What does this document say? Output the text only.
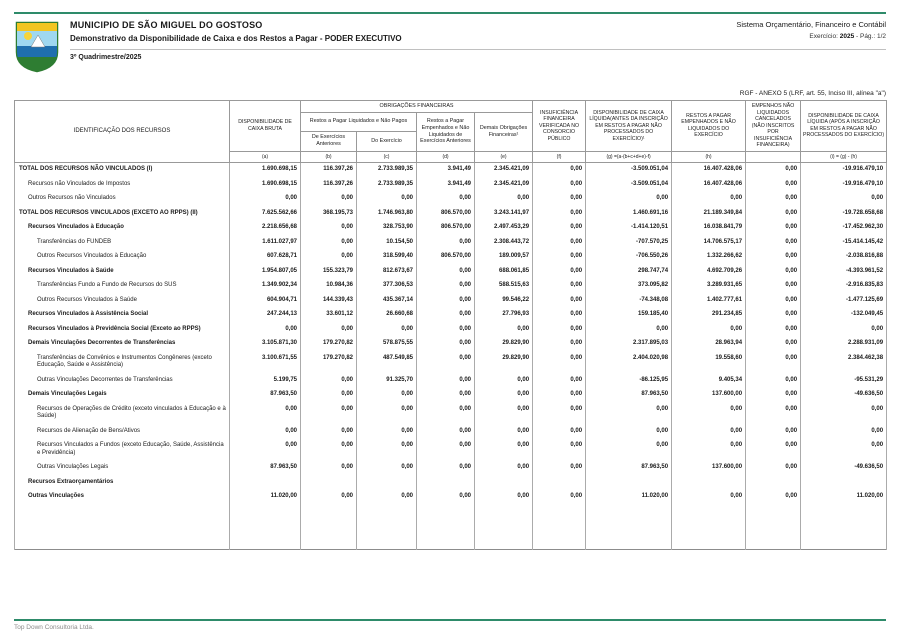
MUNICIPIO DE SÃO MIGUEL DO GOSTOSO
Demonstrativo da Disponibilidade de Caixa e dos Restos a Pagar - PODER EXECUTIVO
Sistema Orçamentário, Financeiro e Contábil
Exercício: 2025 - Pág.: 1/2
3º Quadrimestre/2025
RGF - ANEXO 5 (LRF, art. 55, Inciso III, alínea "a")
IDENTIFICAÇÃO DOS RECURSOS	DISPONIBILIDADE DE CAIXA BRUTA	OBRIGAÇÕES FINANCEIRAS				INSUFICIÊNCIA FINANCEIRA VERIFICADA NO CONSORCIO PÚBLICO	DISPONIBILIDADE DE CAIXA LÍQUIDA(ANTES DA INSCRIÇÃO EM RESTOS A PAGAR NÃO PROCESSADOS DO EXERCÍCIO)¹	RESTOS A PAGAR EMPENHADOS E NÃO LIQUIDADOS DO EXERCÍCIO	EMPENHOS NÃO LIQUIDADOS CANCELADOS (NÃO INSCRITOS POR INSUFICIÊNCIA FINANCEIRA)	DISPONIBILIDADE DE CAIXA LÍQUIDA (APÓS A INSCRIÇÃO EM RESTOS A PAGAR NÃO PROCESSADOS DO EXERCÍCIO)
		Restos a Pagar Liquidados e Não Pagos		Restos a Pagar Empenhados e Não Liquidados de Exercícios Anteriores	Demais Obrigações Financeiras¹					
		De Exercícios Anteriores	Do Exercício							
	(a)	(b)	(c)	(d)	(e)	(f)	(g) =(a-(b+c+d+e)-f)	(h)		(i) = (g) - (h)
TOTAL DOS RECURSOS NÃO VINCULADOS (I)	1.690.698,15	116.397,26	2.733.989,35	3.941,49	2.345.421,09	0,00	-3.509.051,04	16.407.428,06	0,00	-19.916.479,10
Recursos não Vinculados de Impostos	1.690.698,15	116.397,26	2.733.989,35	3.941,49	2.345.421,09	0,00	-3.509.051,04	16.407.428,06	0,00	-19.916.479,10
Outros Recursos não Vinculados	0,00	0,00	0,00	0,00	0,00	0,00	0,00	0,00	0,00	0,00
TOTAL DOS RECURSOS VINCULADOS (EXCETO AO RPPS) (II)	7.625.562,66	368.195,73	1.746.963,80	806.570,00	3.243.141,97	0,00	1.460.691,16	21.189.349,84	0,00	-19.728.658,68
Recursos Vinculados à Educação	2.218.656,68	0,00	328.753,90	806.570,00	2.497.453,29	0,00	-1.414.120,51	16.038.841,79	0,00	-17.452.962,30
Transferências do FUNDEB	1.611.027,97	0,00	10.154,50	0,00	2.308.443,72	0,00	-707.570,25	14.706.575,17	0,00	-15.414.145,42
Outros Recursos Vinculados à Educação	607.628,71	0,00	318.599,40	806.570,00	189.009,57	0,00	-706.550,26	1.332.266,62	0,00	-2.038.816,88
Recursos Vinculados à Saúde	1.954.807,05	155.323,79	812.673,67	0,00	688.061,85	0,00	298.747,74	4.692.709,26	0,00	-4.393.961,52
Transferências Fundo a Fundo de Recursos do SUS	1.349.902,34	10.984,36	377.306,53	0,00	588.515,63	0,00	373.095,82	3.289.931,65	0,00	-2.916.835,83
Outros Recursos Vinculados à Saúde	604.904,71	144.339,43	435.367,14	0,00	99.546,22	0,00	-74.348,08	1.402.777,61	0,00	-1.477.125,69
Recursos Vinculados à Assistência Social	247.244,13	33.601,12	26.660,68	0,00	27.796,93	0,00	159.185,40	291.234,85	0,00	-132.049,45
Recursos Vinculados à Previdência Social (Exceto ao RPPS)	0,00	0,00	0,00	0,00	0,00	0,00	0,00	0,00	0,00	0,00
Demais Vinculações Decorrentes de Transferências	3.105.871,30	179.270,82	578.875,55	0,00	29.829,90	0,00	2.317.895,03	28.963,94	0,00	2.288.931,09
Transferências de Convênios e Instrumentos Congêneres (exceto Educação, Saúde e Assistência)	3.100.671,55	179.270,82	487.549,85	0,00	29.829,90	0,00	2.404.020,98	19.558,60	0,00	2.384.462,38
Outras Vinculações Decorrentes de Transferências	5.199,75	0,00	91.325,70	0,00	0,00	0,00	-86.125,95	9.405,34	0,00	-95.531,29
Demais Vinculações Legais	87.963,50	0,00	0,00	0,00	0,00	0,00	87.963,50	137.600,00	0,00	-49.636,50
Recursos de Operações de Crédito (exceto vinculados à Educação e à Saúde)	0,00	0,00	0,00	0,00	0,00	0,00	0,00	0,00	0,00	0,00
Recursos de Alienação de Bens/Ativos	0,00	0,00	0,00	0,00	0,00	0,00	0,00	0,00	0,00	0,00
Recursos Vinculados a Fundos (exceto Educação, Saúde, Assistência e Previdência)	0,00	0,00	0,00	0,00	0,00	0,00	0,00	0,00	0,00	0,00
Outras Vinculações Legais	87.963,50	0,00	0,00	0,00	0,00	0,00	87.963,50	137.600,00	0,00	-49.636,50
Recursos Extraorçamentários										
Outras Vinculações	11.020,00	0,00	0,00	0,00	0,00	0,00	11.020,00	0,00	0,00	11.020,00

Top Down Consultoria Ltda.
